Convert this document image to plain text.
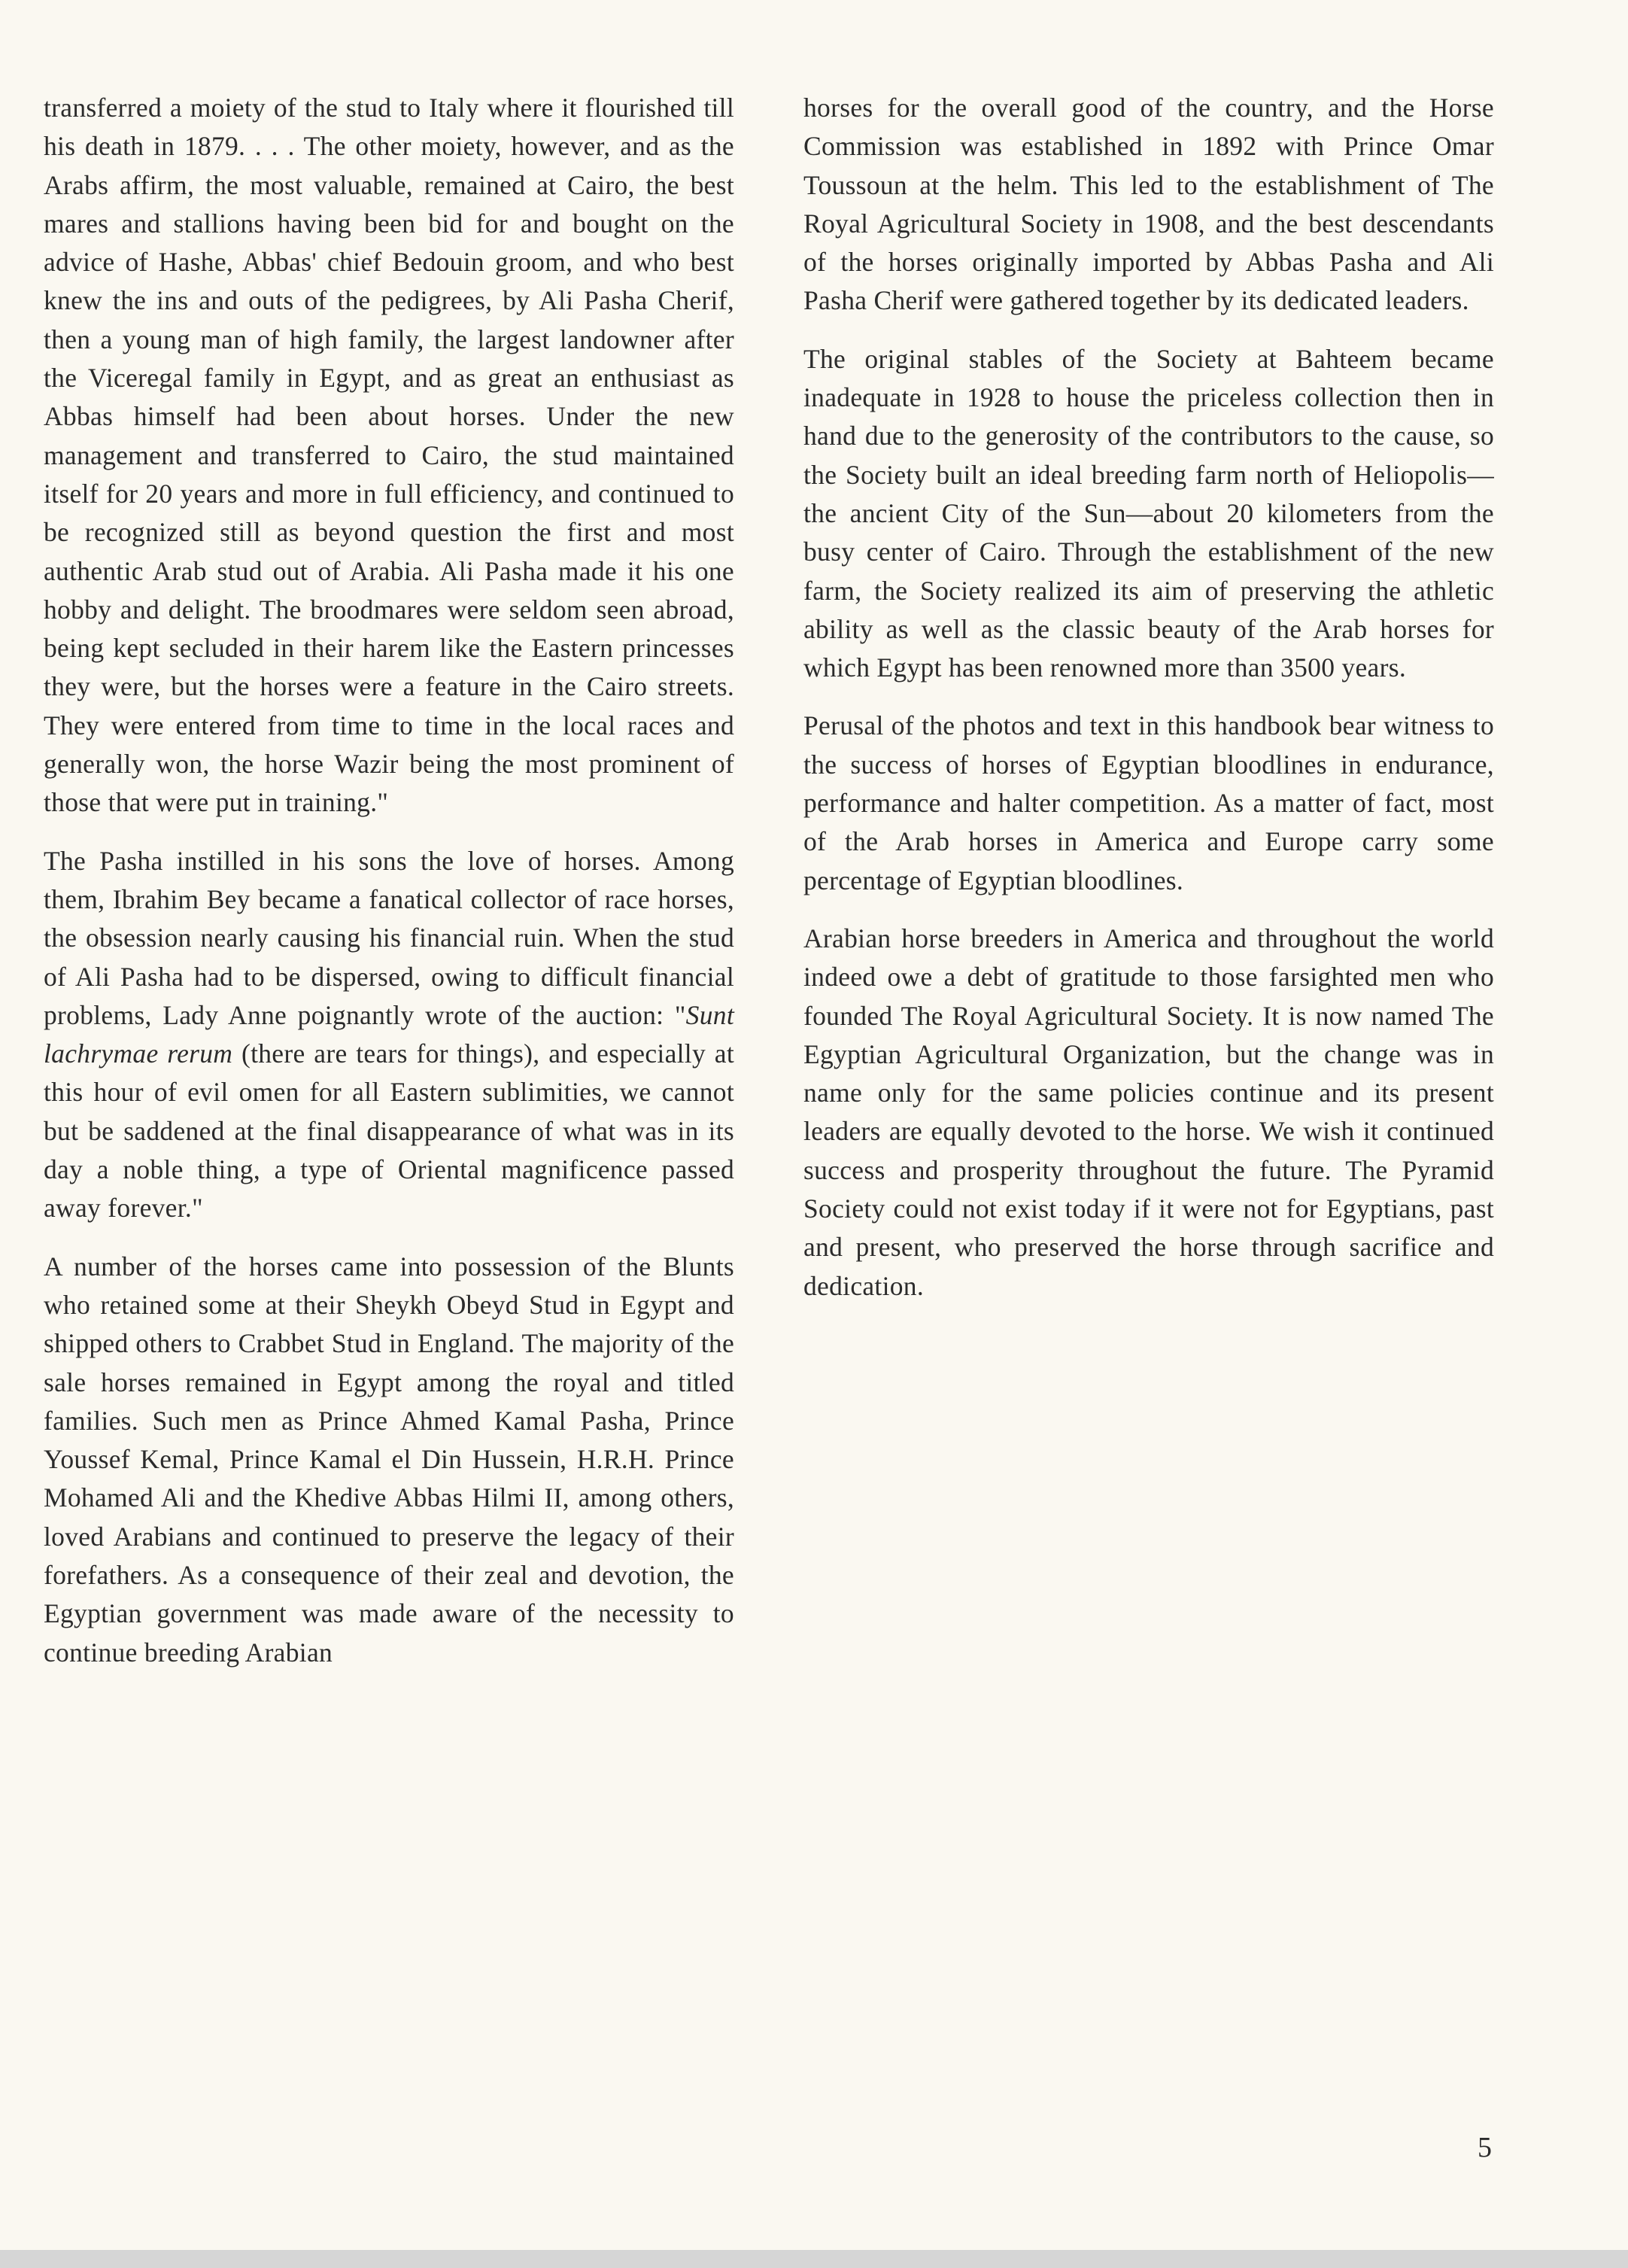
transferred a moiety of the stud to Italy where it flourished till his death in 1879. . . . The other moiety, however, and as the Arabs affirm, the most valuable, remained at Cairo, the best mares and stallions having been bid for and bought on the advice of Hashe, Abbas' chief Bedouin groom, and who best knew the ins and outs of the pedigrees, by Ali Pasha Cherif, then a young man of high family, the largest landowner after the Viceregal family in Egypt, and as great an enthusiast as Abbas himself had been about horses. Under the new management and transferred to Cairo, the stud maintained itself for 20 years and more in full efficiency, and continued to be recognized still as beyond question the first and most authentic Arab stud out of Arabia. Ali Pasha made it his one hobby and delight. The broodmares were seldom seen abroad, being kept secluded in their harem like the Eastern princesses they were, but the horses were a feature in the Cairo streets. They were entered from time to time in the local races and generally won, the horse Wazir being the most prominent of those that were put in training."

The Pasha instilled in his sons the love of horses. Among them, Ibrahim Bey became a fanatical collector of race horses, the obsession nearly causing his financial ruin. When the stud of Ali Pasha had to be dispersed, owing to difficult financial problems, Lady Anne poignantly wrote of the auction: "Sunt lachrymae rerum (there are tears for things), and especially at this hour of evil omen for all Eastern sublimities, we cannot but be saddened at the final disappearance of what was in its day a noble thing, a type of Oriental magnificence passed away forever."

A number of the horses came into possession of the Blunts who retained some at their Sheykh Obeyd Stud in Egypt and shipped others to Crabbet Stud in England. The majority of the sale horses remained in Egypt among the royal and titled families. Such men as Prince Ahmed Kamal Pasha, Prince Youssef Kemal, Prince Kamal el Din Hussein, H.R.H. Prince Mohamed Ali and the Khedive Abbas Hilmi II, among others, loved Arabians and continued to preserve the legacy of their forefathers. As a consequence of their zeal and devotion, the Egyptian government was made aware of the necessity to continue breeding Arabian

horses for the overall good of the country, and the Horse Commission was established in 1892 with Prince Omar Toussoun at the helm. This led to the establishment of The Royal Agricultural Society in 1908, and the best descendants of the horses originally imported by Abbas Pasha and Ali Pasha Cherif were gathered together by its dedicated leaders.

The original stables of the Society at Bahteem became inadequate in 1928 to house the priceless collection then in hand due to the generosity of the contributors to the cause, so the Society built an ideal breeding farm north of Heliopolis—the ancient City of the Sun—about 20 kilometers from the busy center of Cairo. Through the establishment of the new farm, the Society realized its aim of preserving the athletic ability as well as the classic beauty of the Arab horses for which Egypt has been renowned more than 3500 years.

Perusal of the photos and text in this handbook bear witness to the success of horses of Egyptian bloodlines in endurance, performance and halter competition. As a matter of fact, most of the Arab horses in America and Europe carry some percentage of Egyptian bloodlines.

Arabian horse breeders in America and throughout the world indeed owe a debt of gratitude to those farsighted men who founded The Royal Agricultural Society. It is now named The Egyptian Agricultural Organization, but the change was in name only for the same policies continue and its present leaders are equally devoted to the horse. We wish it continued success and prosperity throughout the future. The Pyramid Society could not exist today if it were not for Egyptians, past and present, who preserved the horse through sacrifice and dedication.

5
